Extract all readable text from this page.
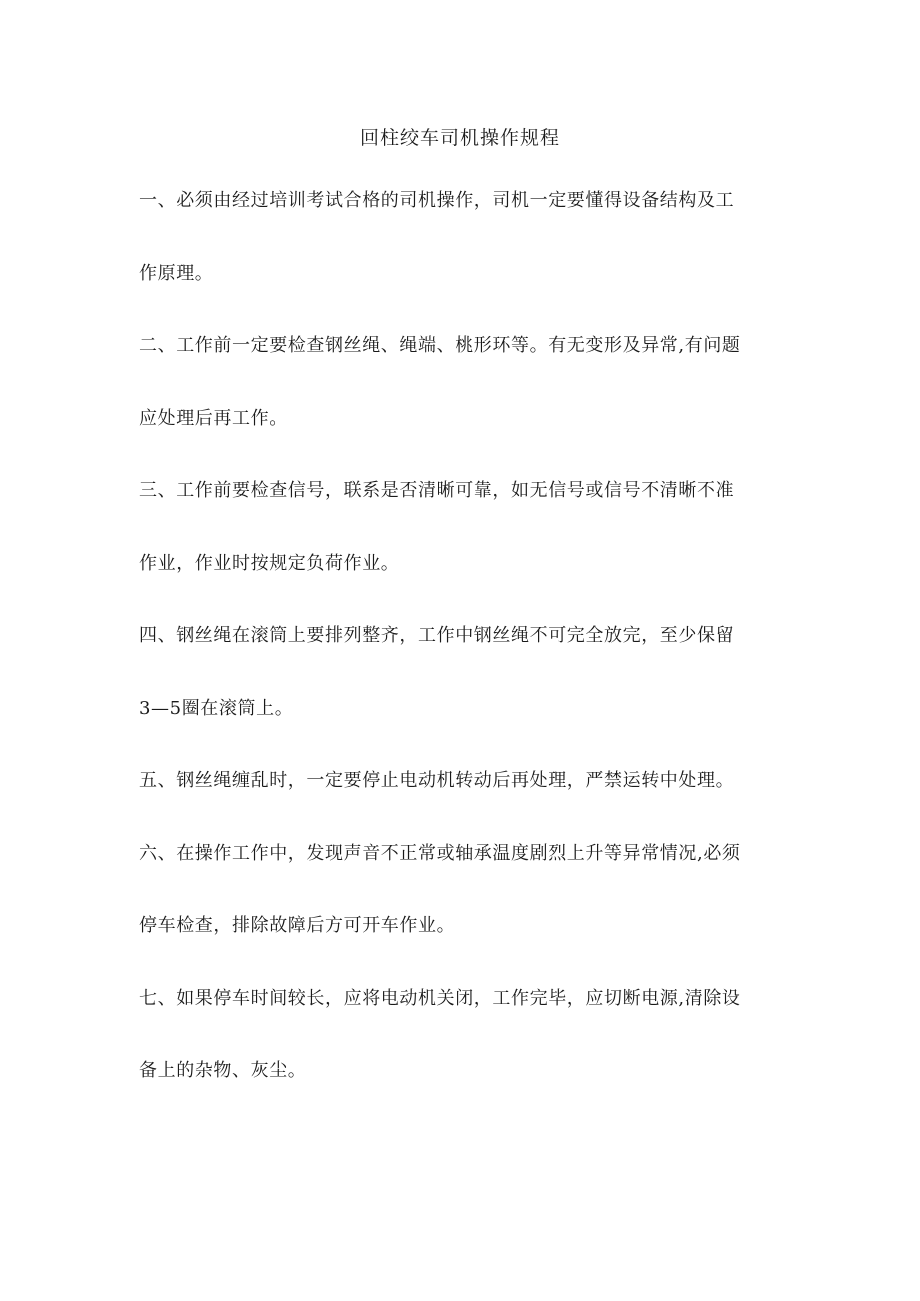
回柱绞车司机操作规程
一、必须由经过培训考试合格的司机操作，司机一定要懂得设备结构及工
作原理。
二、工作前一定要检查钢丝绳、绳端、桃形环等。有无变形及异常,有问题
应处理后再工作。
三、工作前要检查信号，联系是否清晰可靠，如无信号或信号不清晰不准
作业，作业时按规定负荷作业。
四、钢丝绳在滚筒上要排列整齐，工作中钢丝绳不可完全放完，至少保留
3—5圈在滚筒上。
五、钢丝绳缠乱时，一定要停止电动机转动后再处理，严禁运转中处理。
六、在操作工作中，发现声音不正常或轴承温度剧烈上升等异常情况,必须
停车检查，排除故障后方可开车作业。
七、如果停车时间较长，应将电动机关闭，工作完毕，应切断电源,清除设
备上的杂物、灰尘。
